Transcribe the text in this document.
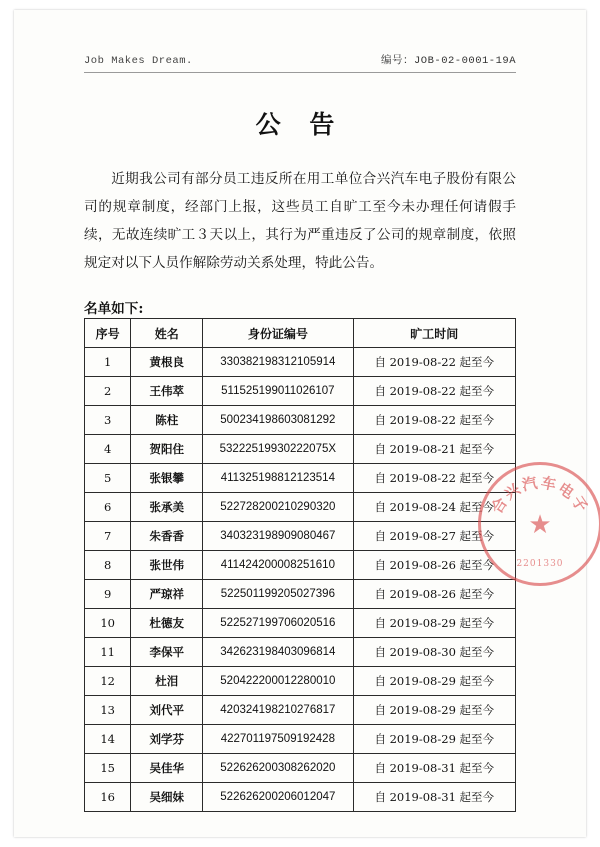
Job Makes Dream.	编号：JOB-02-0001-19A
公 告
近期我公司有部分员工违反所在用工单位合兴汽车电子股份有限公司的规章制度，经部门上报，这些员工自旷工至今未办理任何请假手续，无故连续旷工３天以上，其行为严重违反了公司的规章制度，依照规定对以下人员作解除劳动关系处理，特此公告。
名单如下:
序号	姓名	身份证编号	旷工时间
1	黄根良	330382198312105914	自 2019-08-22 起至今
2	王伟萃	511525199011026107	自 2019-08-22 起至今
3	陈柱	500234198603081292	自 2019-08-22 起至今
4	贺阳住	53222519930222075X	自 2019-08-21 起至今
5	张银攀	411325198812123514	自 2019-08-22 起至今
6	张承美	522728200210290320	自 2019-08-24 起至今
7	朱香香	340323198909080467	自 2019-08-27 起至今
8	张世伟	411424200008251610	自 2019-08-26 起至今
9	严琼祥	522501199205027396	自 2019-08-26 起至今
10	杜德友	522527199706020516	自 2019-08-29 起至今
11	李保平	342623198403096814	自 2019-08-30 起至今
12	杜泪	520422200012280010	自 2019-08-29 起至今
13	刘代平	420324198210276817	自 2019-08-29 起至今
14	刘学芬	422701197509192428	自 2019-08-29 起至今
15	吴佳华	522626200308262020	自 2019-08-31 起至今
16	吴细妹	522626200206012047	自 2019-08-31 起至今
合兴汽车电子
★
2201330
